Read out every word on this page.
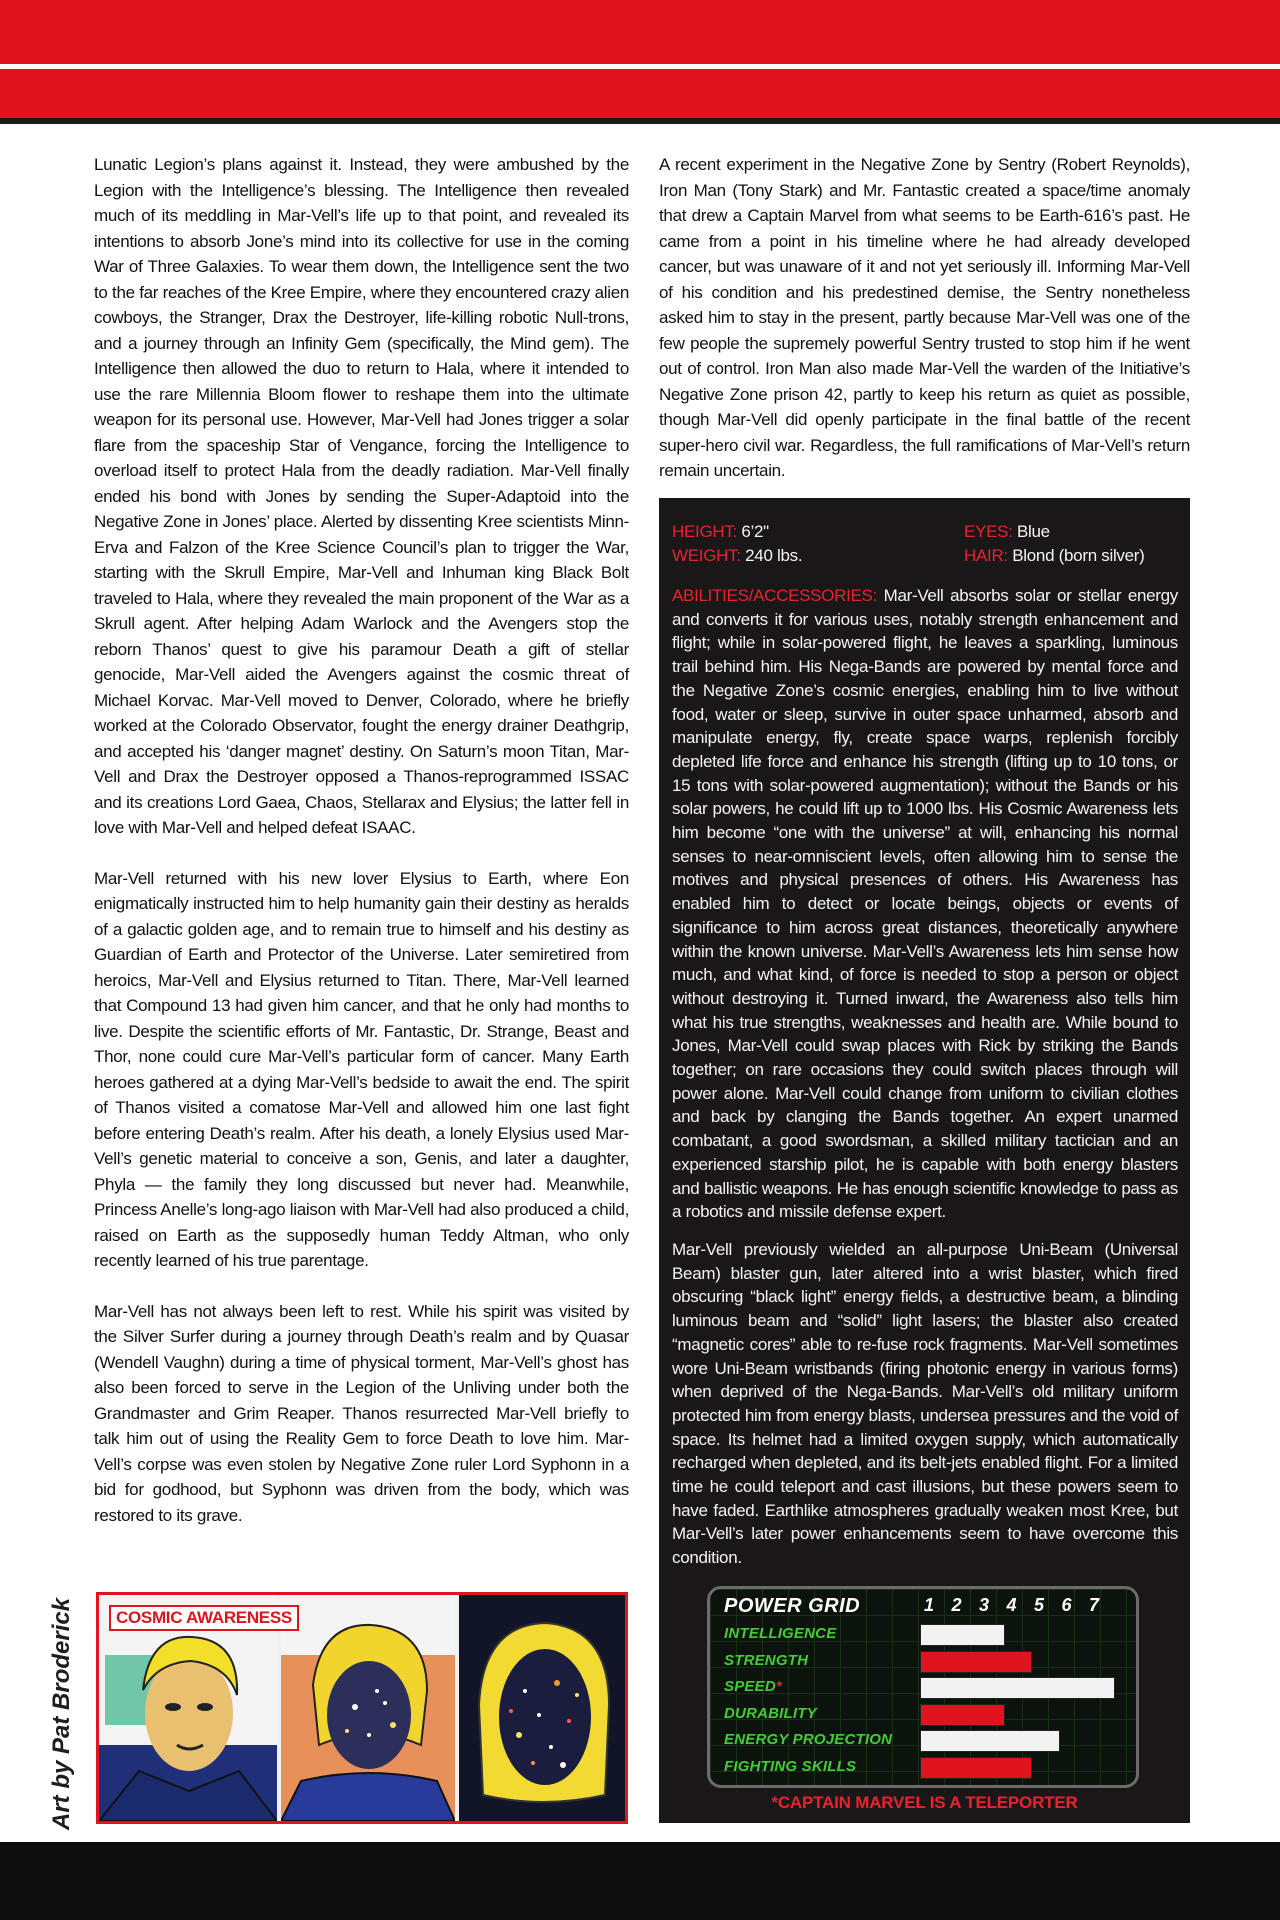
Lunatic Legion’s plans against it. Instead, they were ambushed by the Legion with the Intelligence’s blessing. The Intelligence then revealed much of its meddling in Mar-Vell’s life up to that point, and revealed its intentions to absorb Jone’s mind into its collective for use in the coming War of Three Galaxies. To wear them down, the Intelligence sent the two to the far reaches of the Kree Empire, where they encountered crazy alien cowboys, the Stranger, Drax the Destroyer, life-killing robotic Null-trons, and a journey through an Infinity Gem (specifically, the Mind gem). The Intelligence then allowed the duo to return to Hala, where it intended to use the rare Millennia Bloom flower to reshape them into the ultimate weapon for its personal use. However, Mar-Vell had Jones trigger a solar flare from the spaceship Star of Vengance, forcing the Intelligence to overload itself to protect Hala from the deadly radiation. Mar-Vell finally ended his bond with Jones by sending the Super-Adaptoid into the Negative Zone in Jones’ place. Alerted by dissenting Kree scientists Minn-Erva and Falzon of the Kree Science Council’s plan to trigger the War, starting with the Skrull Empire, Mar-Vell and Inhuman king Black Bolt traveled to Hala, where they revealed the main proponent of the War as a Skrull agent. After helping Adam Warlock and the Avengers stop the reborn Thanos’ quest to give his paramour Death a gift of stellar genocide, Mar-Vell aided the Avengers against the cosmic threat of Michael Korvac. Mar-Vell moved to Denver, Colorado, where he briefly worked at the Colorado Observator, fought the energy drainer Deathgrip, and accepted his ‘danger magnet’ destiny. On Saturn’s moon Titan, Mar-Vell and Drax the Destroyer opposed a Thanos-reprogrammed ISSAC and its creations Lord Gaea, Chaos, Stellarax and Elysius; the latter fell in love with Mar-Vell and helped defeat ISAAC.

Mar-Vell returned with his new lover Elysius to Earth, where Eon enigmatically instructed him to help humanity gain their destiny as heralds of a galactic golden age, and to remain true to himself and his destiny as Guardian of Earth and Protector of the Universe. Later semiretired from heroics, Mar-Vell and Elysius returned to Titan. There, Mar-Vell learned that Compound 13 had given him cancer, and that he only had months to live. Despite the scientific efforts of Mr. Fantastic, Dr. Strange, Beast and Thor, none could cure Mar-Vell’s particular form of cancer. Many Earth heroes gathered at a dying Mar-Vell’s bedside to await the end. The spirit of Thanos visited a comatose Mar-Vell and allowed him one last fight before entering Death’s realm. After his death, a lonely Elysius used Mar-Vell’s genetic material to conceive a son, Genis, and later a daughter, Phyla — the family they long discussed but never had. Meanwhile, Princess Anelle’s long-ago liaison with Mar-Vell had also produced a child, raised on Earth as the supposedly human Teddy Altman, who only recently learned of his true parentage.

Mar-Vell has not always been left to rest. While his spirit was visited by the Silver Surfer during a journey through Death’s realm and by Quasar (Wendell Vaughn) during a time of physical torment, Mar-Vell’s ghost has also been forced to serve in the Legion of the Unliving under both the Grandmaster and Grim Reaper. Thanos resurrected Mar-Vell briefly to talk him out of using the Reality Gem to force Death to love him. Mar-Vell’s corpse was even stolen by Negative Zone ruler Lord Syphonn in a bid for godhood, but Syphonn was driven from the body, which was restored to its grave.

A recent experiment in the Negative Zone by Sentry (Robert Reynolds), Iron Man (Tony Stark) and Mr. Fantastic created a space/time anomaly that drew a Captain Marvel from what seems to be Earth-616’s past. He came from a point in his timeline where he had already developed cancer, but was unaware of it and not yet seriously ill. Informing Mar-Vell of his condition and his predestined demise, the Sentry nonetheless asked him to stay in the present, partly because Mar-Vell was one of the few people the supremely powerful Sentry trusted to stop him if he went out of control. Iron Man also made Mar-Vell the warden of the Initiative’s Negative Zone prison 42, partly to keep his return as quiet as possible, though Mar-Vell did openly participate in the final battle of the recent super-hero civil war. Regardless, the full ramifications of Mar-Vell’s return remain uncertain.

HEIGHT: 6’2"	EYES: Blue
WEIGHT: 240 lbs.	HAIR: Blond (born silver)

ABILITIES/ACCESSORIES: Mar-Vell absorbs solar or stellar energy and converts it for various uses, notably strength enhancement and flight; while in solar-powered flight, he leaves a sparkling, luminous trail behind him. His Nega-Bands are powered by mental force and the Negative Zone’s cosmic energies, enabling him to live without food, water or sleep, survive in outer space unharmed, absorb and manipulate energy, fly, create space warps, replenish forcibly depleted life force and enhance his strength (lifting up to 10 tons, or 15 tons with solar-powered augmentation); without the Bands or his solar powers, he could lift up to 1000 lbs. His Cosmic Awareness lets him become “one with the universe” at will, enhancing his normal senses to near-omniscient levels, often allowing him to sense the motives and physical presences of others. His Awareness has enabled him to detect or locate beings, objects or events of significance to him across great distances, theoretically anywhere within the known universe. Mar-Vell’s Awareness lets him sense how much, and what kind, of force is needed to stop a person or object without destroying it. Turned inward, the Awareness also tells him what his true strengths, weaknesses and health are. While bound to Jones, Mar-Vell could swap places with Rick by striking the Bands together; on rare occasions they could switch places through will power alone. Mar-Vell could change from uniform to civilian clothes and back by clanging the Bands together. An expert unarmed combatant, a good swordsman, a skilled military tactician and an experienced starship pilot, he is capable with both energy blasters and ballistic weapons. He has enough scientific knowledge to pass as a robotics and missile defense expert.

Mar-Vell previously wielded an all-purpose Uni-Beam (Universal Beam) blaster gun, later altered into a wrist blaster, which fired obscuring “black light” energy fields, a destructive beam, a blinding luminous beam and “solid” light lasers; the blaster also created “magnetic cores” able to re-fuse rock fragments. Mar-Vell sometimes wore Uni-Beam wristbands (firing photonic energy in various forms) when deprived of the Nega-Bands. Mar-Vell’s old military uniform protected him from energy blasts, undersea pressures and the void of space. Its helmet had a limited oxygen supply, which automatically recharged when depleted, and its belt-jets enabled flight. For a limited time he could teleport and cast illusions, but these powers seem to have faded. Earthlike atmospheres gradually weaken most Kree, but Mar-Vell’s later power enhancements seem to have overcome this condition.

POWER GRID	1 2 3 4 5 6 7
INTELLIGENCE
STRENGTH
SPEED*
DURABILITY
ENERGY PROJECTION
FIGHTING SKILLS
*CAPTAIN MARVEL IS A TELEPORTER
COSMIC AWARENESS
Art by Pat Broderick
